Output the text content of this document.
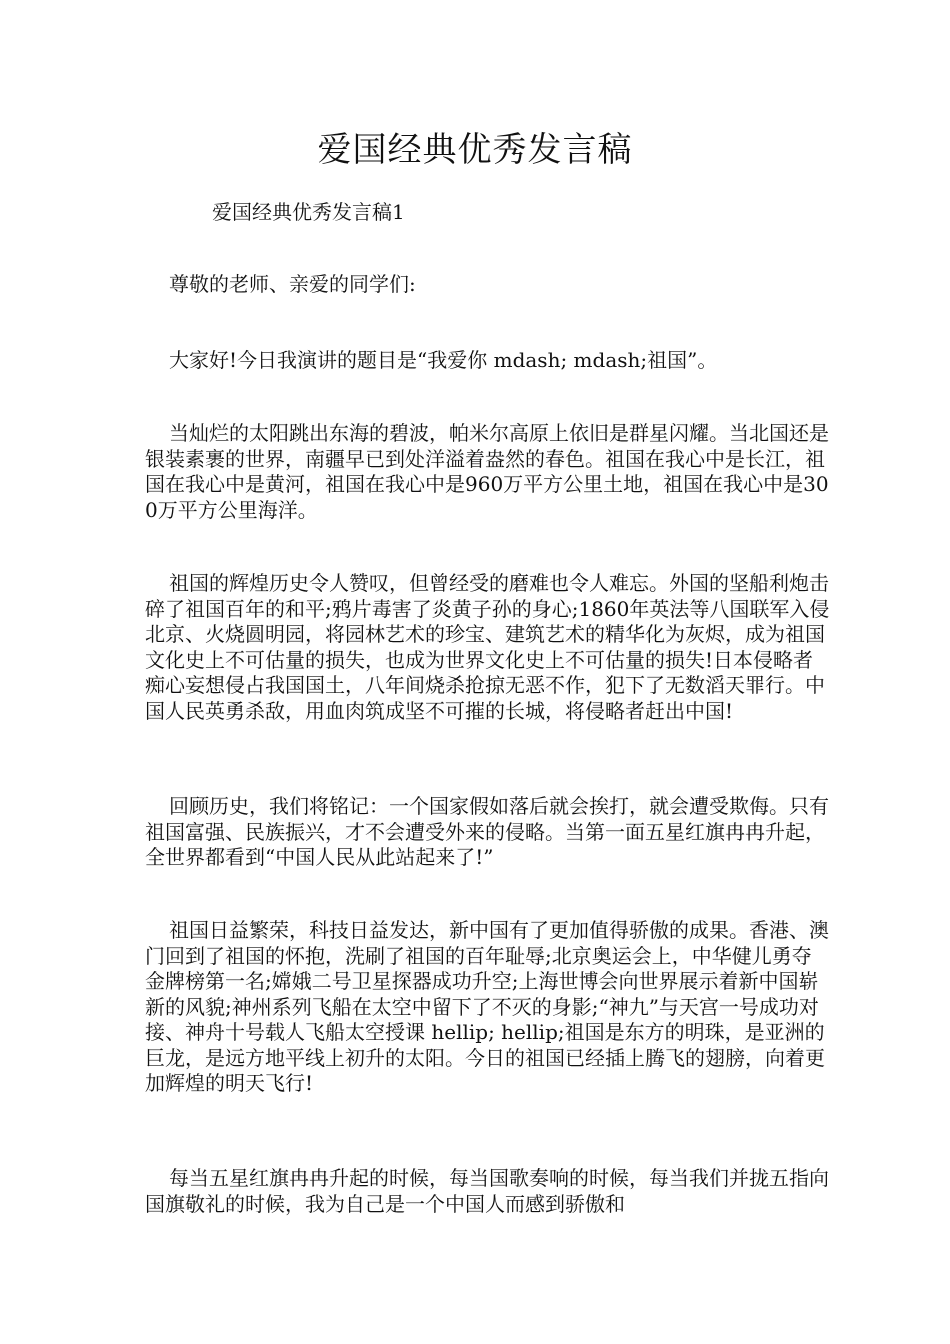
爱国经典优秀发言稿

爱国经典优秀发言稿1

尊敬的老师、亲爱的同学们:

大家好!今日我演讲的题目是“我爱你 mdash; mdash;祖国”。

当灿烂的太阳跳出东海的碧波，帕米尔高原上依旧是群星闪耀。当北国还是银装素裹的世界，南疆早已到处洋溢着盎然的春色。祖国在我心中是长江，祖国在我心中是黄河，祖国在我心中是960万平方公里土地，祖国在我心中是300万平方公里海洋。

祖国的辉煌历史令人赞叹，但曾经受的磨难也令人难忘。外国的坚船利炮击碎了祖国百年的和平;鸦片毒害了炎黄子孙的身心;1860年英法等八国联军入侵北京、火烧圆明园，将园林艺术的珍宝、建筑艺术的精华化为灰烬，成为祖国文化史上不可估量的损失，也成为世界文化史上不可估量的损失!日本侵略者痴心妄想侵占我国国土，八年间烧杀抢掠无恶不作，犯下了无数滔天罪行。中国人民英勇杀敌，用血肉筑成坚不可摧的长城，将侵略者赶出中国!

回顾历史，我们将铭记：一个国家假如落后就会挨打，就会遭受欺侮。只有祖国富强、民族振兴，才不会遭受外来的侵略。当第一面五星红旗冉冉升起，全世界都看到“中国人民从此站起来了!”

祖国日益繁荣，科技日益发达，新中国有了更加值得骄傲的成果。香港、澳门回到了祖国的怀抱，洗刷了祖国的百年耻辱;北京奥运会上，中华健儿勇夺金牌榜第一名;嫦娥二号卫星探器成功升空;上海世博会向世界展示着新中国崭新的风貌;神州系列飞船在太空中留下了不灭的身影;“神九”与天宫一号成功对接、神舟十号载人飞船太空授课 hellip; hellip;祖国是东方的明珠，是亚洲的巨龙，是远方地平线上初升的太阳。今日的祖国已经插上腾飞的翅膀，向着更加辉煌的明天飞行!

每当五星红旗冉冉升起的时候，每当国歌奏响的时候，每当我们并拢五指向国旗敬礼的时候，我为自己是一个中国人而感到骄傲和
